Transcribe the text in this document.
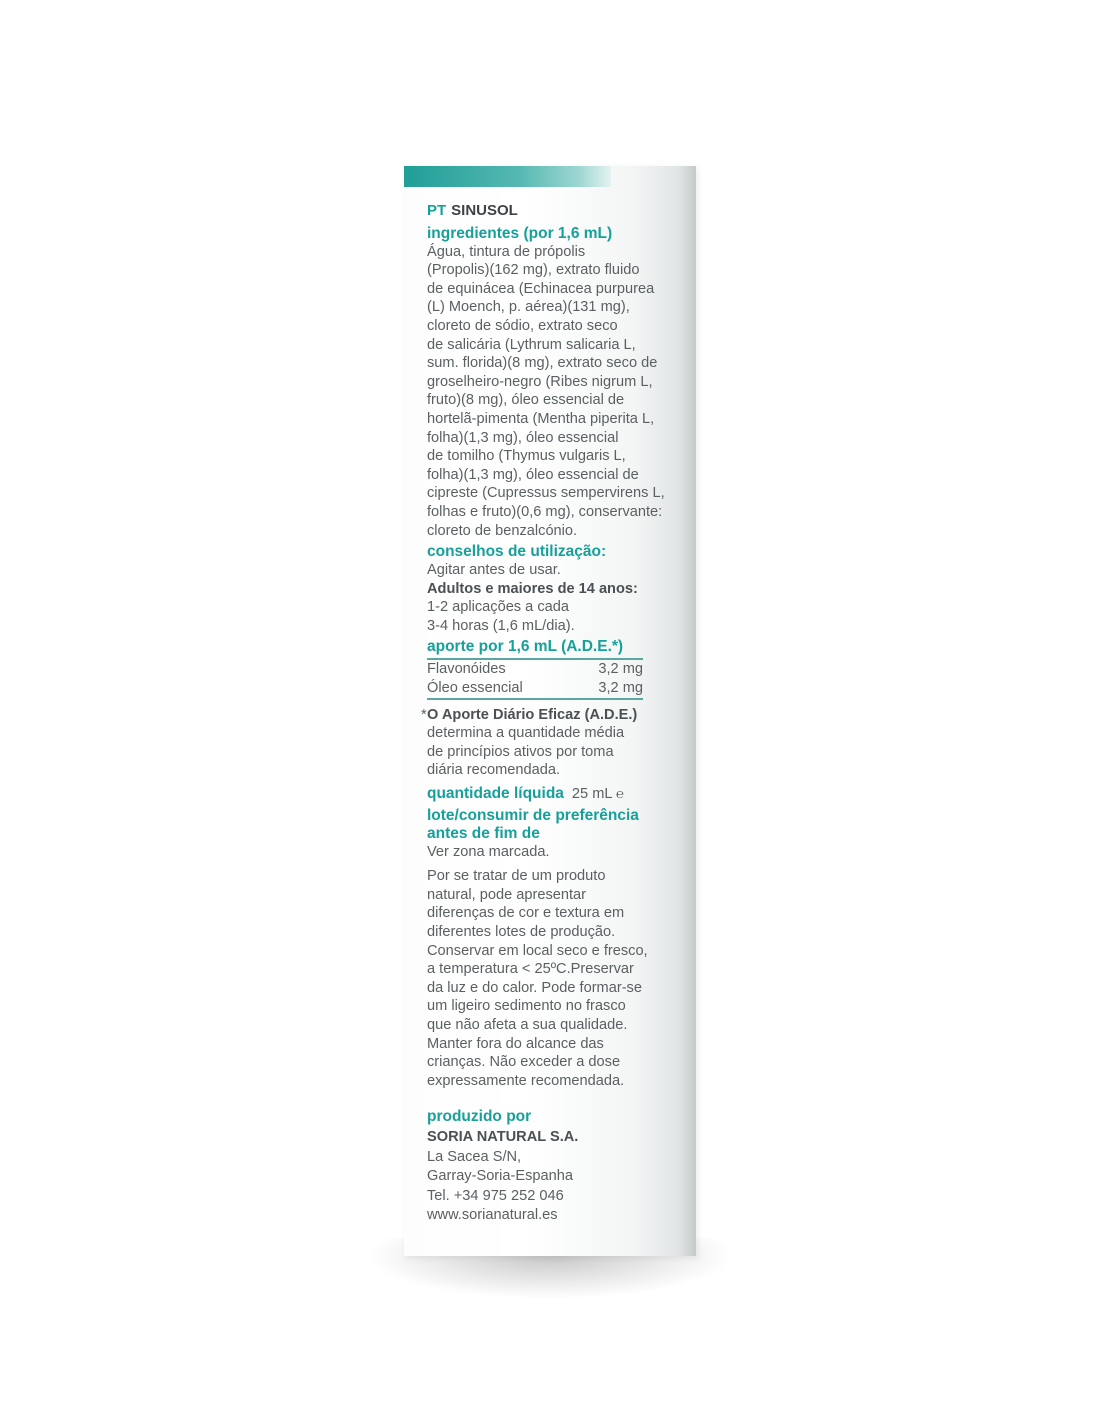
PT SINUSOL
ingredientes (por 1,6 mL)
Água, tintura de própolis
(Propolis)(162 mg), extrato fluido
de equinácea (Echinacea purpurea
(L) Moench, p. aérea)(131 mg),
cloreto de sódio, extrato seco
de salicária (Lythrum salicaria L,
sum. florida)(8 mg), extrato seco de
groselheiro-negro (Ribes nigrum L,
fruto)(8 mg), óleo essencial de
hortelã-pimenta (Mentha piperita L,
folha)(1,3 mg), óleo essencial
de tomilho (Thymus vulgaris L,
folha)(1,3 mg), óleo essencial de
cipreste (Cupressus sempervirens L,
folhas e fruto)(0,6 mg), conservante:
cloreto de benzalcónio.
conselhos de utilização:
Agitar antes de usar.
Adultos e maiores de 14 anos:
1-2 aplicações a cada
3-4 horas (1,6 mL/dia).
aporte por 1,6 mL (A.D.E.*)
Flavonóides	3,2 mg
Óleo essencial	3,2 mg
* O Aporte Diário Eficaz (A.D.E.)
determina a quantidade média
de princípios ativos por toma
diária recomendada.
quantidade líquida 25 mL ℮
lote/consumir de preferência
antes de fim de
Ver zona marcada.
Por se tratar de um produto
natural, pode apresentar
diferenças de cor e textura em
diferentes lotes de produção.
Conservar em local seco e fresco,
a temperatura < 25ºC.Preservar
da luz e do calor. Pode formar-se
um ligeiro sedimento no frasco
que não afeta a sua qualidade.
Manter fora do alcance das
crianças. Não exceder a dose
expressamente recomendada.
produzido por
SORIA NATURAL S.A.
La Sacea S/N,
Garray-Soria-Espanha
Tel. +34 975 252 046
www.sorianatural.es
